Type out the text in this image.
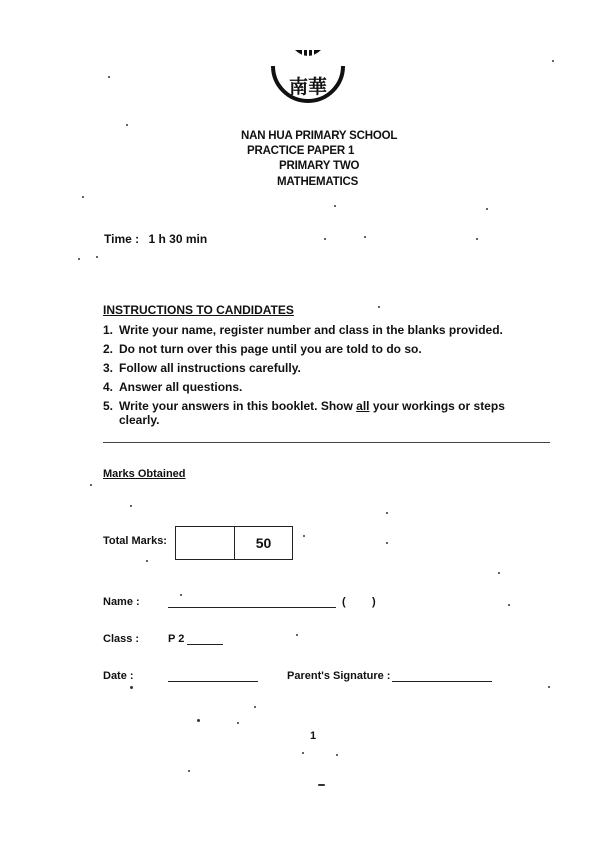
南華
NAN HUA PRIMARY SCHOOL
PRACTICE PAPER 1
PRIMARY TWO
MATHEMATICS
Time : 1 h 30 min
INSTRUCTIONS TO CANDIDATES
1. Write your name, register number and class in the blanks provided.
2. Do not turn over this page until you are told to do so.
3. Follow all instructions carefully.
4. Answer all questions.
5. Write your answers in this booklet. Show all your workings or steps clearly.
Marks Obtained
Total Marks:	50
Name :	( )
Class :	P 2
Date :	Parent's Signature :
1
